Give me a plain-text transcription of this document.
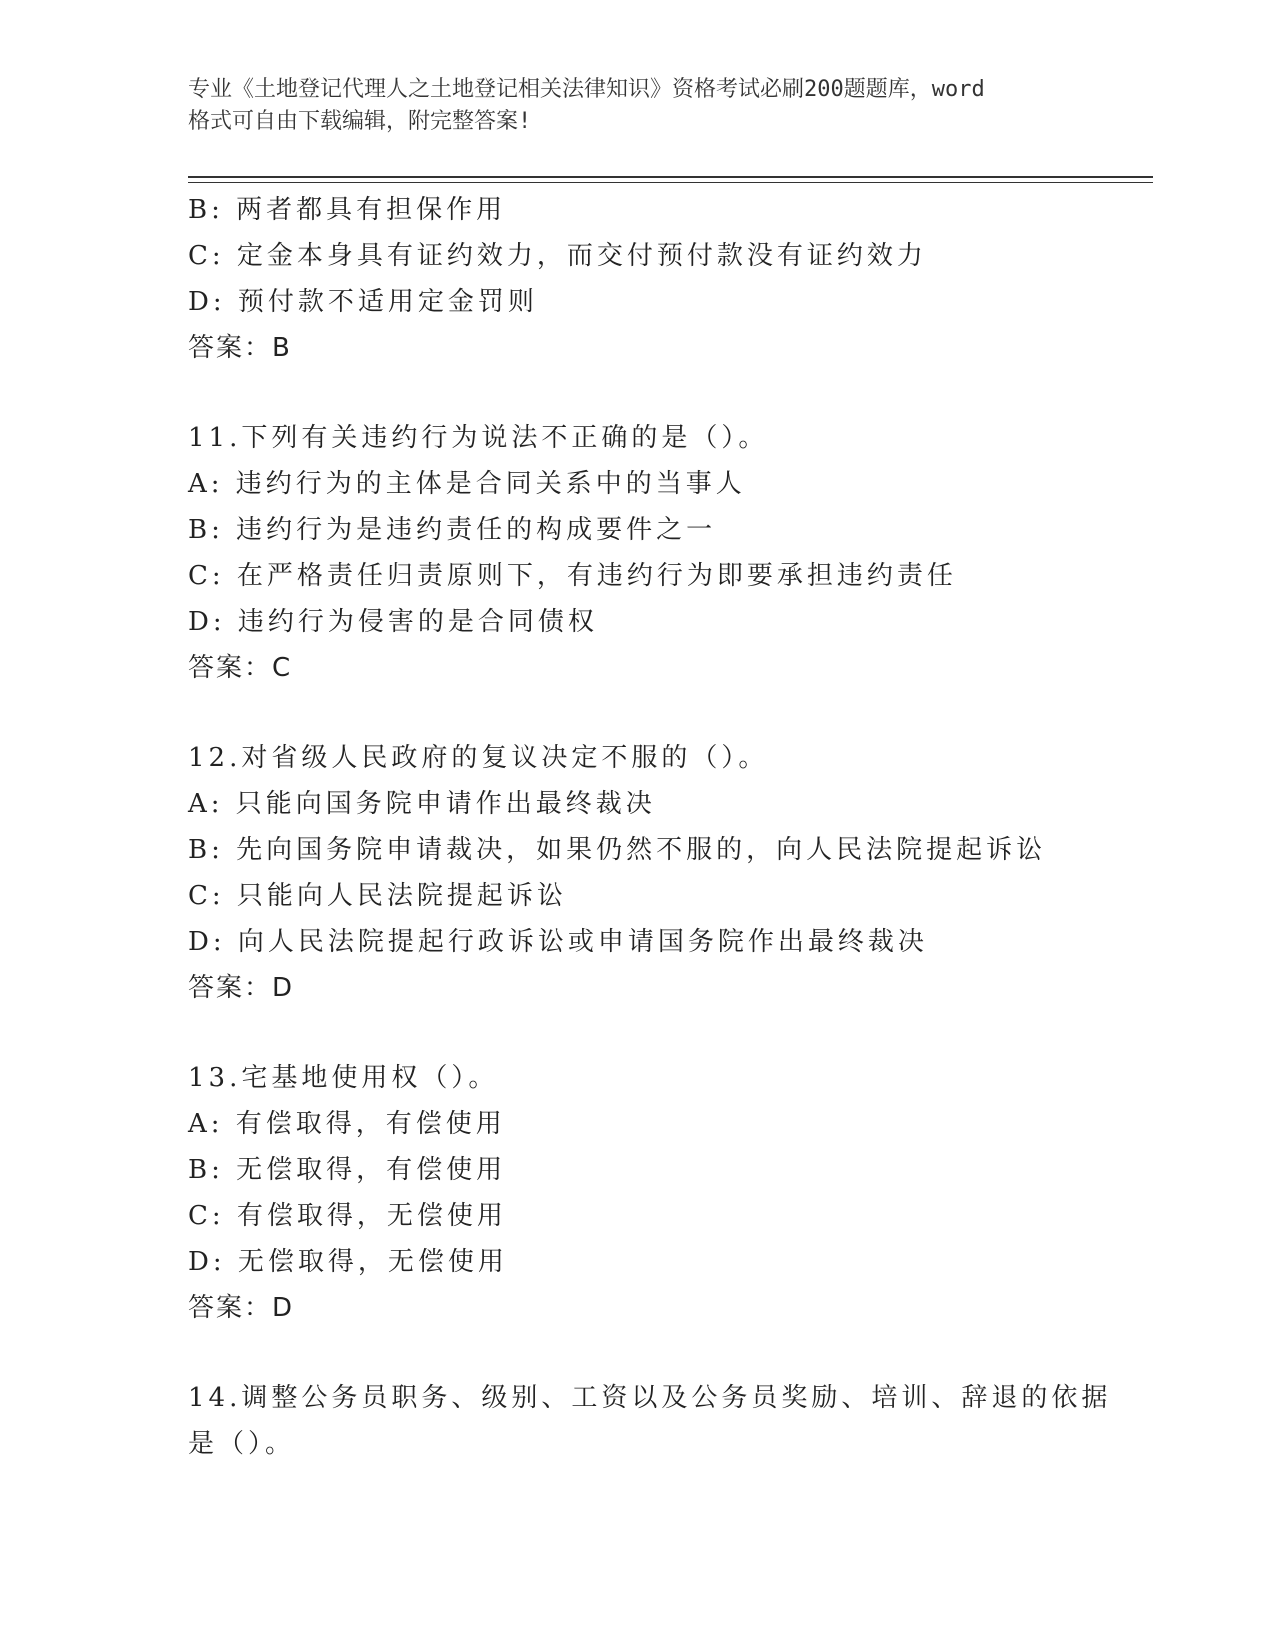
专业《土地登记代理人之土地登记相关法律知识》资格考试必刷200题题库，word
格式可自由下载编辑，附完整答案!
B: 两者都具有担保作用
C: 定金本身具有证约效力，而交付预付款没有证约效力
D: 预付款不适用定金罚则
答案：B
11.下列有关违约行为说法不正确的是（）。
A: 违约行为的主体是合同关系中的当事人
B: 违约行为是违约责任的构成要件之一
C: 在严格责任归责原则下，有违约行为即要承担违约责任
D: 违约行为侵害的是合同债权
答案：C
12.对省级人民政府的复议决定不服的（）。
A: 只能向国务院申请作出最终裁决
B: 先向国务院申请裁决，如果仍然不服的，向人民法院提起诉讼
C: 只能向人民法院提起诉讼
D: 向人民法院提起行政诉讼或申请国务院作出最终裁决
答案：D
13.宅基地使用权（）。
A: 有偿取得，有偿使用
B: 无偿取得，有偿使用
C: 有偿取得，无偿使用
D: 无偿取得，无偿使用
答案：D
14.调整公务员职务、级别、工资以及公务员奖励、培训、辞退的依据
是（）。
